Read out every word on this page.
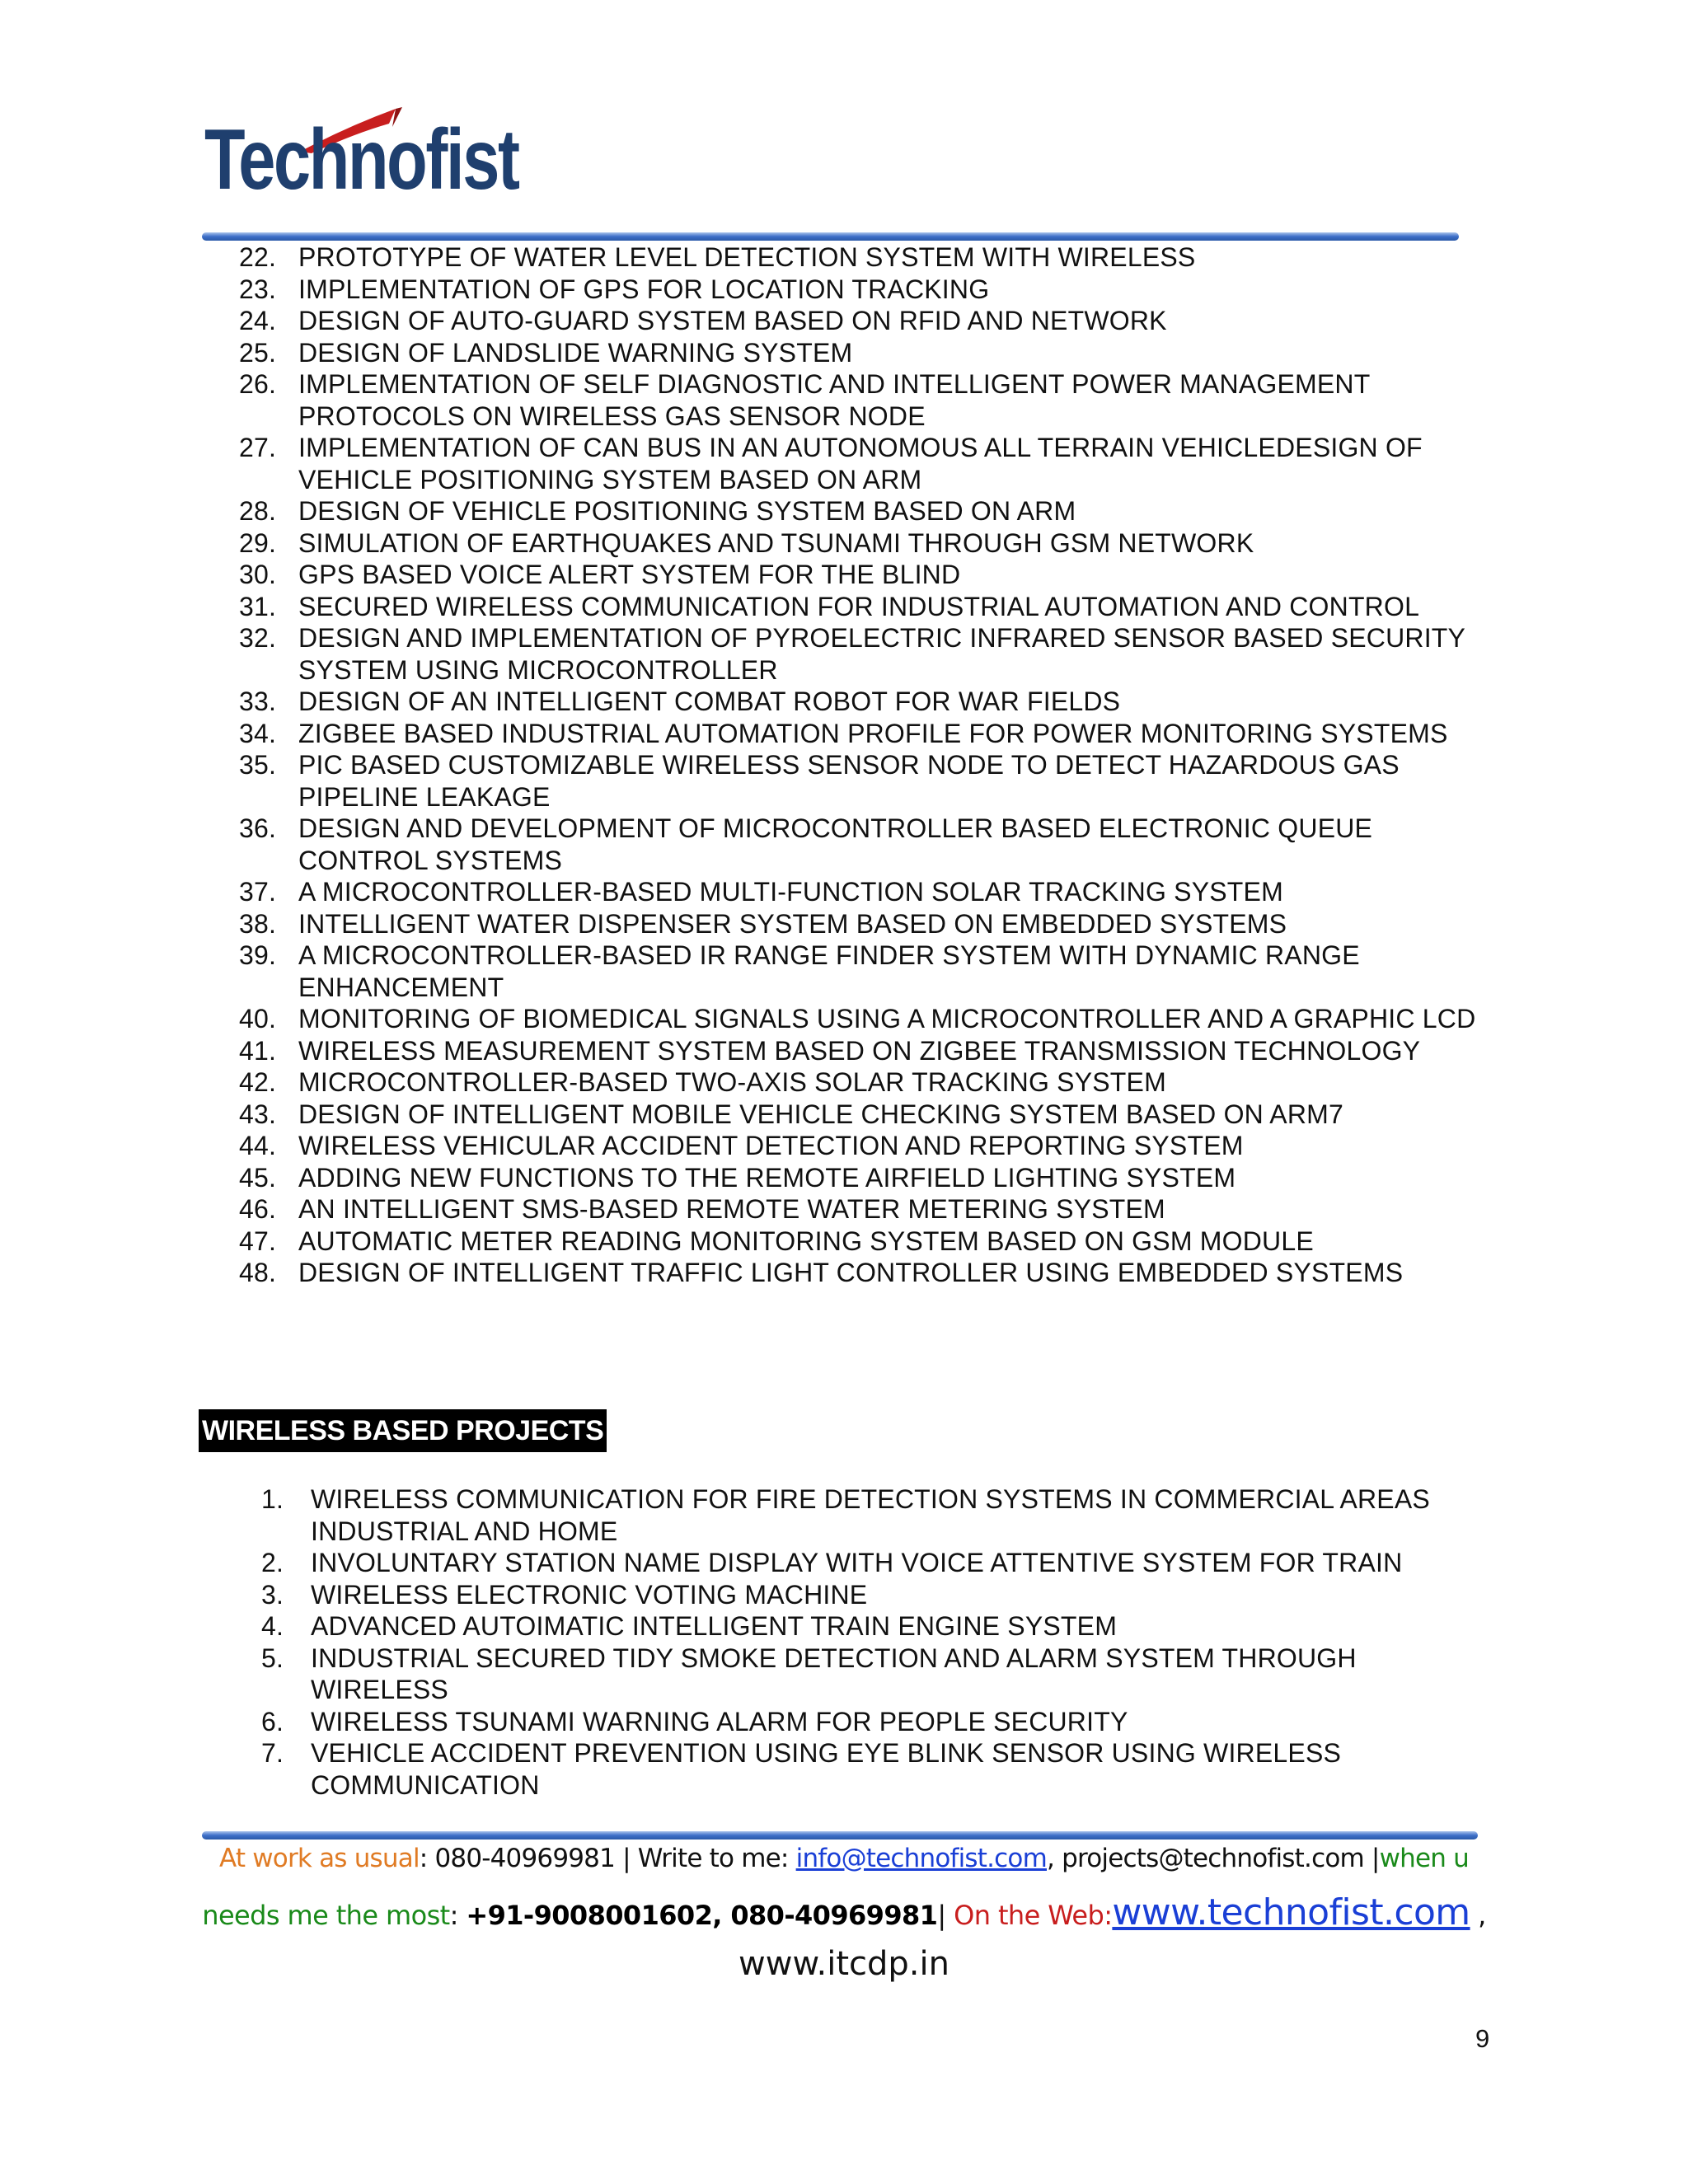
Technofist
22. PROTOTYPE OF WATER LEVEL DETECTION SYSTEM WITH WIRELESS
23. IMPLEMENTATION OF GPS FOR LOCATION TRACKING
24. DESIGN OF AUTO-GUARD SYSTEM BASED ON RFID AND NETWORK
25. DESIGN OF LANDSLIDE WARNING SYSTEM
26. IMPLEMENTATION OF SELF DIAGNOSTIC AND INTELLIGENT POWER MANAGEMENT PROTOCOLS ON WIRELESS GAS SENSOR NODE
27. IMPLEMENTATION OF CAN BUS IN AN AUTONOMOUS ALL TERRAIN VEHICLEDESIGN OF VEHICLE POSITIONING SYSTEM BASED ON ARM
28. DESIGN OF VEHICLE POSITIONING SYSTEM BASED ON ARM
29. SIMULATION OF EARTHQUAKES AND TSUNAMI THROUGH GSM NETWORK
30. GPS BASED VOICE ALERT SYSTEM FOR THE BLIND
31. SECURED WIRELESS COMMUNICATION FOR INDUSTRIAL AUTOMATION AND CONTROL
32. DESIGN AND IMPLEMENTATION OF PYROELECTRIC INFRARED SENSOR BASED SECURITY SYSTEM USING MICROCONTROLLER
33. DESIGN OF AN INTELLIGENT COMBAT ROBOT FOR WAR FIELDS
34. ZIGBEE BASED INDUSTRIAL AUTOMATION PROFILE FOR POWER MONITORING SYSTEMS
35. PIC BASED CUSTOMIZABLE WIRELESS SENSOR NODE TO DETECT HAZARDOUS GAS PIPELINE LEAKAGE
36. DESIGN AND DEVELOPMENT OF MICROCONTROLLER BASED ELECTRONIC QUEUE CONTROL SYSTEMS
37. A MICROCONTROLLER-BASED MULTI-FUNCTION SOLAR TRACKING SYSTEM
38. INTELLIGENT WATER DISPENSER SYSTEM BASED ON EMBEDDED SYSTEMS
39. A MICROCONTROLLER-BASED IR RANGE FINDER SYSTEM WITH DYNAMIC RANGE ENHANCEMENT
40. MONITORING OF BIOMEDICAL SIGNALS USING A MICROCONTROLLER AND A GRAPHIC LCD
41. WIRELESS MEASUREMENT SYSTEM BASED ON ZIGBEE TRANSMISSION TECHNOLOGY
42. MICROCONTROLLER-BASED TWO-AXIS SOLAR TRACKING SYSTEM
43. DESIGN OF INTELLIGENT MOBILE VEHICLE CHECKING SYSTEM BASED ON ARM7
44. WIRELESS VEHICULAR ACCIDENT DETECTION AND REPORTING SYSTEM
45. ADDING NEW FUNCTIONS TO THE REMOTE AIRFIELD LIGHTING SYSTEM
46. AN INTELLIGENT SMS-BASED REMOTE WATER METERING SYSTEM
47. AUTOMATIC METER READING MONITORING SYSTEM BASED ON GSM MODULE
48. DESIGN OF INTELLIGENT TRAFFIC LIGHT CONTROLLER USING EMBEDDED SYSTEMS
WIRELESS BASED PROJECTS
1. WIRELESS COMMUNICATION FOR FIRE DETECTION SYSTEMS IN COMMERCIAL AREAS INDUSTRIAL AND HOME
2. INVOLUNTARY STATION NAME DISPLAY WITH VOICE ATTENTIVE SYSTEM FOR TRAIN
3. WIRELESS ELECTRONIC VOTING MACHINE
4. ADVANCED AUTOIMATIC INTELLIGENT TRAIN ENGINE SYSTEM
5. INDUSTRIAL SECURED TIDY SMOKE DETECTION AND ALARM SYSTEM THROUGH WIRELESS
6. WIRELESS TSUNAMI WARNING ALARM FOR PEOPLE SECURITY
7. VEHICLE ACCIDENT PREVENTION USING EYE BLINK SENSOR USING WIRELESS COMMUNICATION
At work as usual: 080-40969981 | Write to me: info@technofist.com, projects@technofist.com |when u
needs me the most: +91-9008001602, 080-40969981| On the Web:www.technofist.com ,
www.itcdp.in
9
